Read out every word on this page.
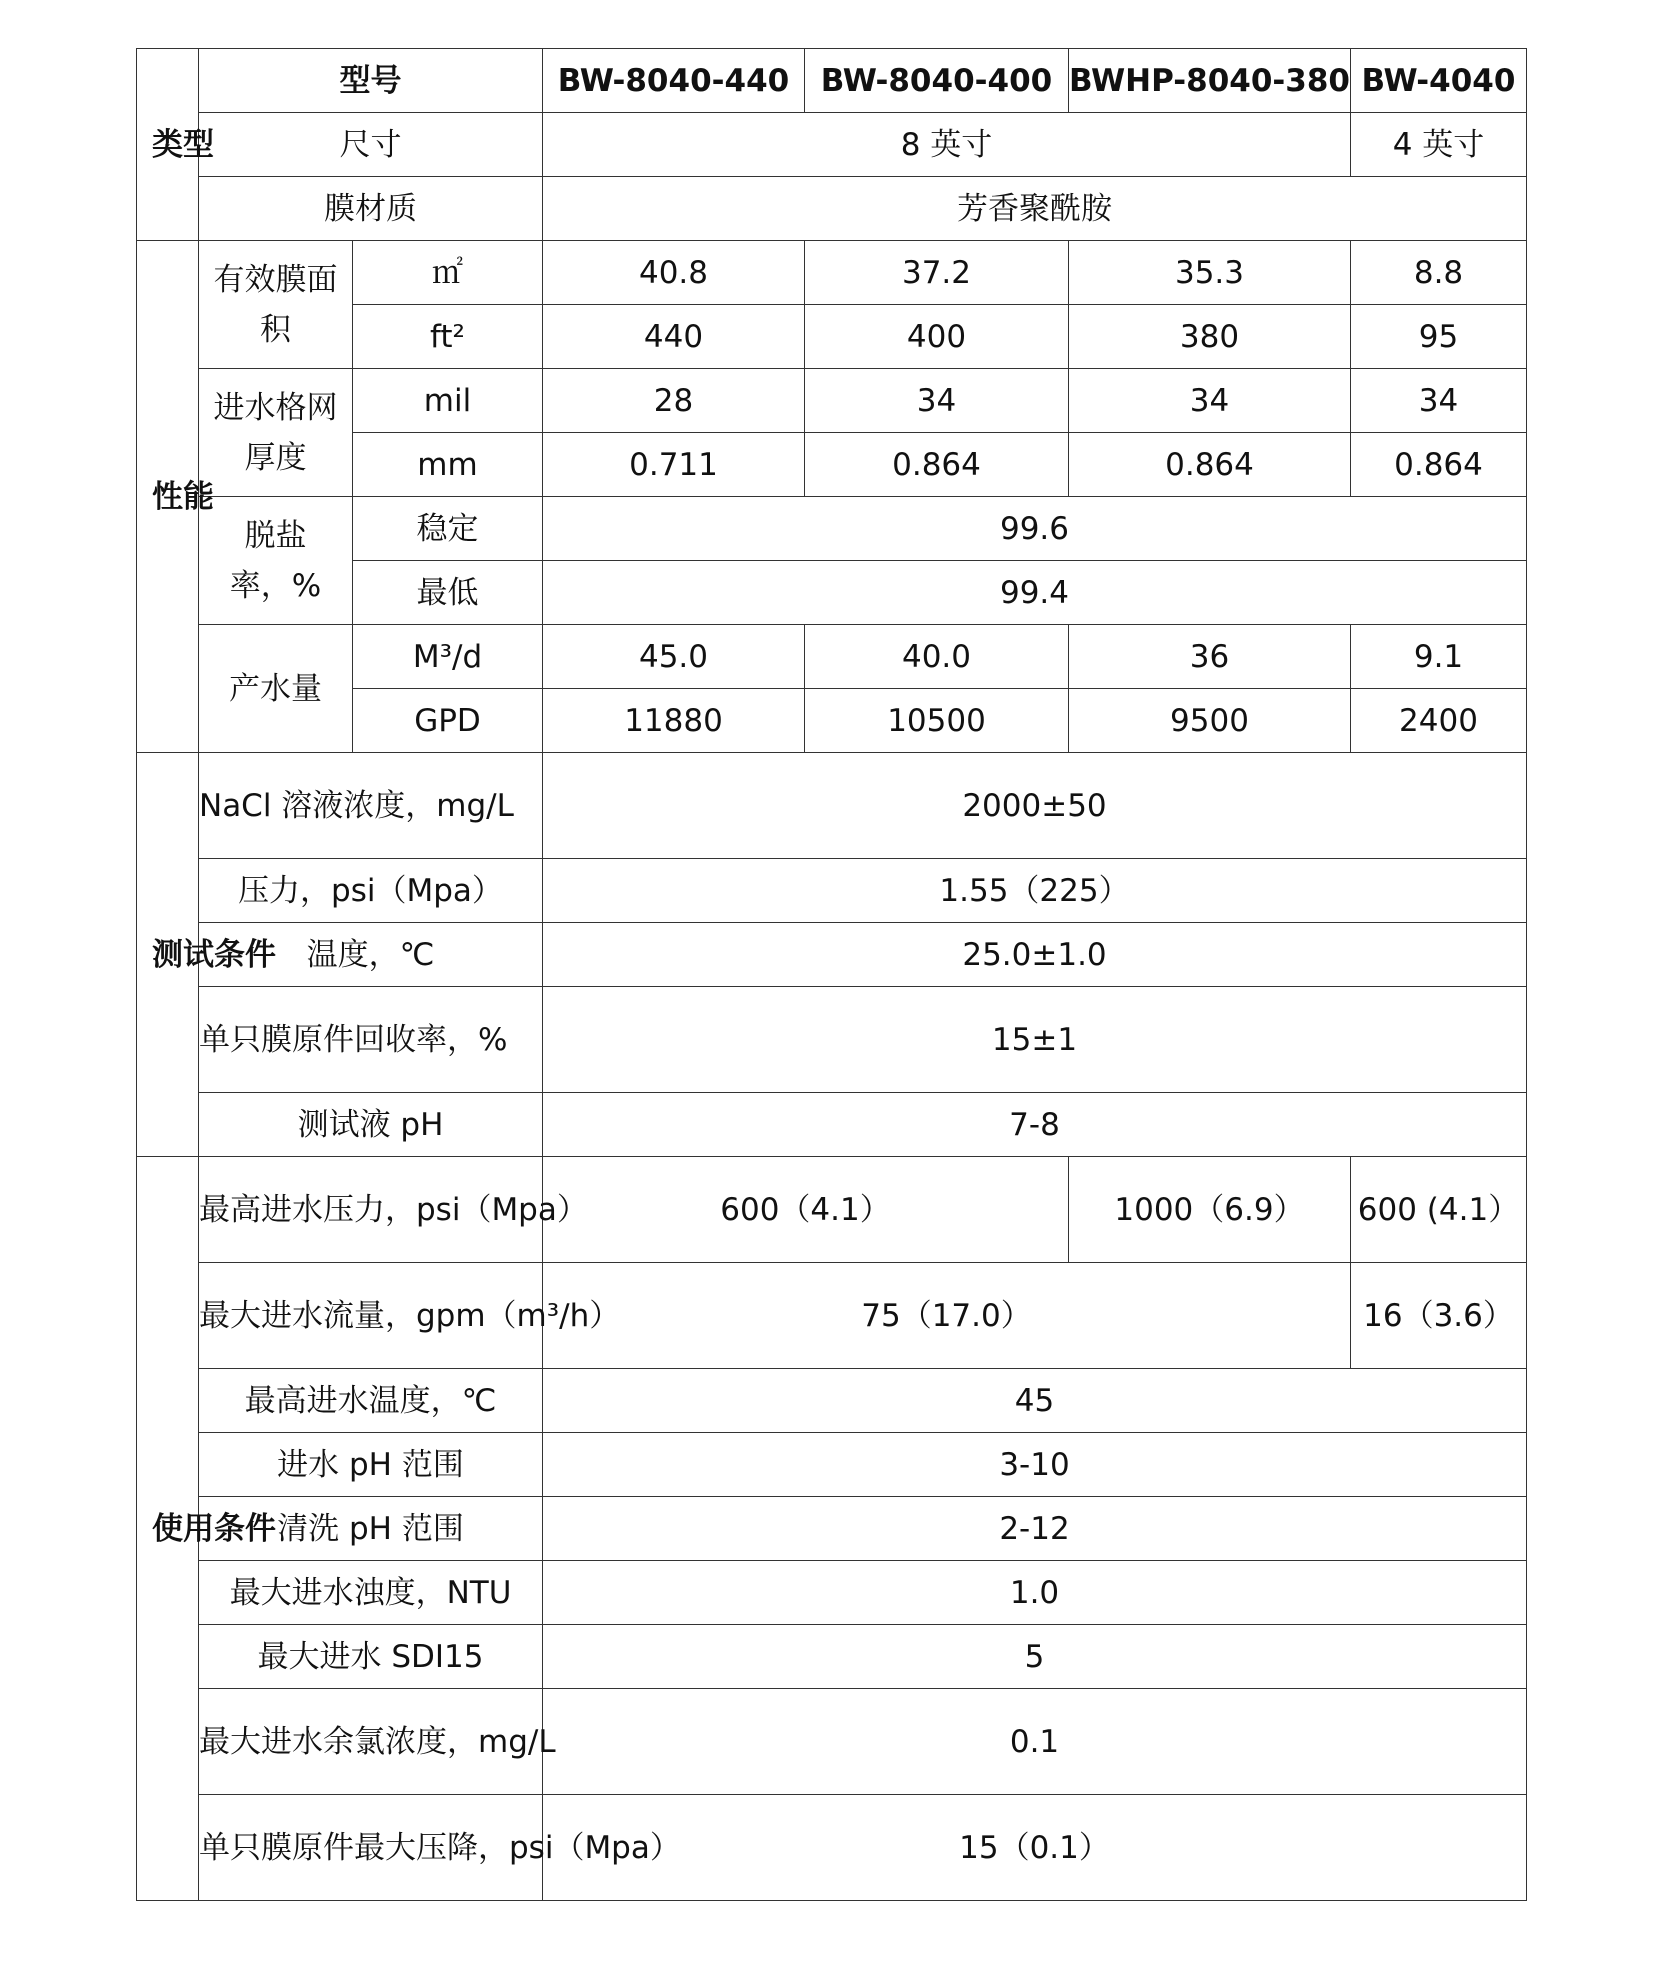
类型	型号		BW-8040-440	BW-8040-400	BWHP-8040-380	BW-4040
	尺寸		8 英寸			4 英寸
	膜材质		芳香聚酰胺			

性能	有效膜面积	㎡	40.8	37.2	35.3	8.8
		ft²	440	400	380	95

	进水格网厚度	mil	28	34	34	34
		mm	0.711	0.864	0.864	0.864

	脱盐率，%	稳定	99.6			
		最低	99.4			
	产水量	M³/d	45.0	40.0	36	9.1
		GPD	11880	10500	9500	2400

测试条件	NaCl 溶液浓度，mg/L		2000±50			
	压力，psi（Mpa）		1.55（225）			
	温度，℃		25.0±1.0			
	单只膜原件回收率，%		15±1			
	测试液 pH		7-8			

使用条件	最高进水压力，psi（Mpa）		600（4.1）		1000（6.9）	600 (4.1）
	最大进水流量，gpm（m³/h）		75（17.0）			16（3.6）
	最高进水温度，℃		45			
	进水 pH 范围		3-10			
	清洗 pH 范围		2-12			
	最大进水浊度，NTU		1.0			
	最大进水 SDI15		5			
	最大进水余氯浓度，mg/L		0.1			
	单只膜原件最大压降，psi（Mpa）		15（0.1）			
